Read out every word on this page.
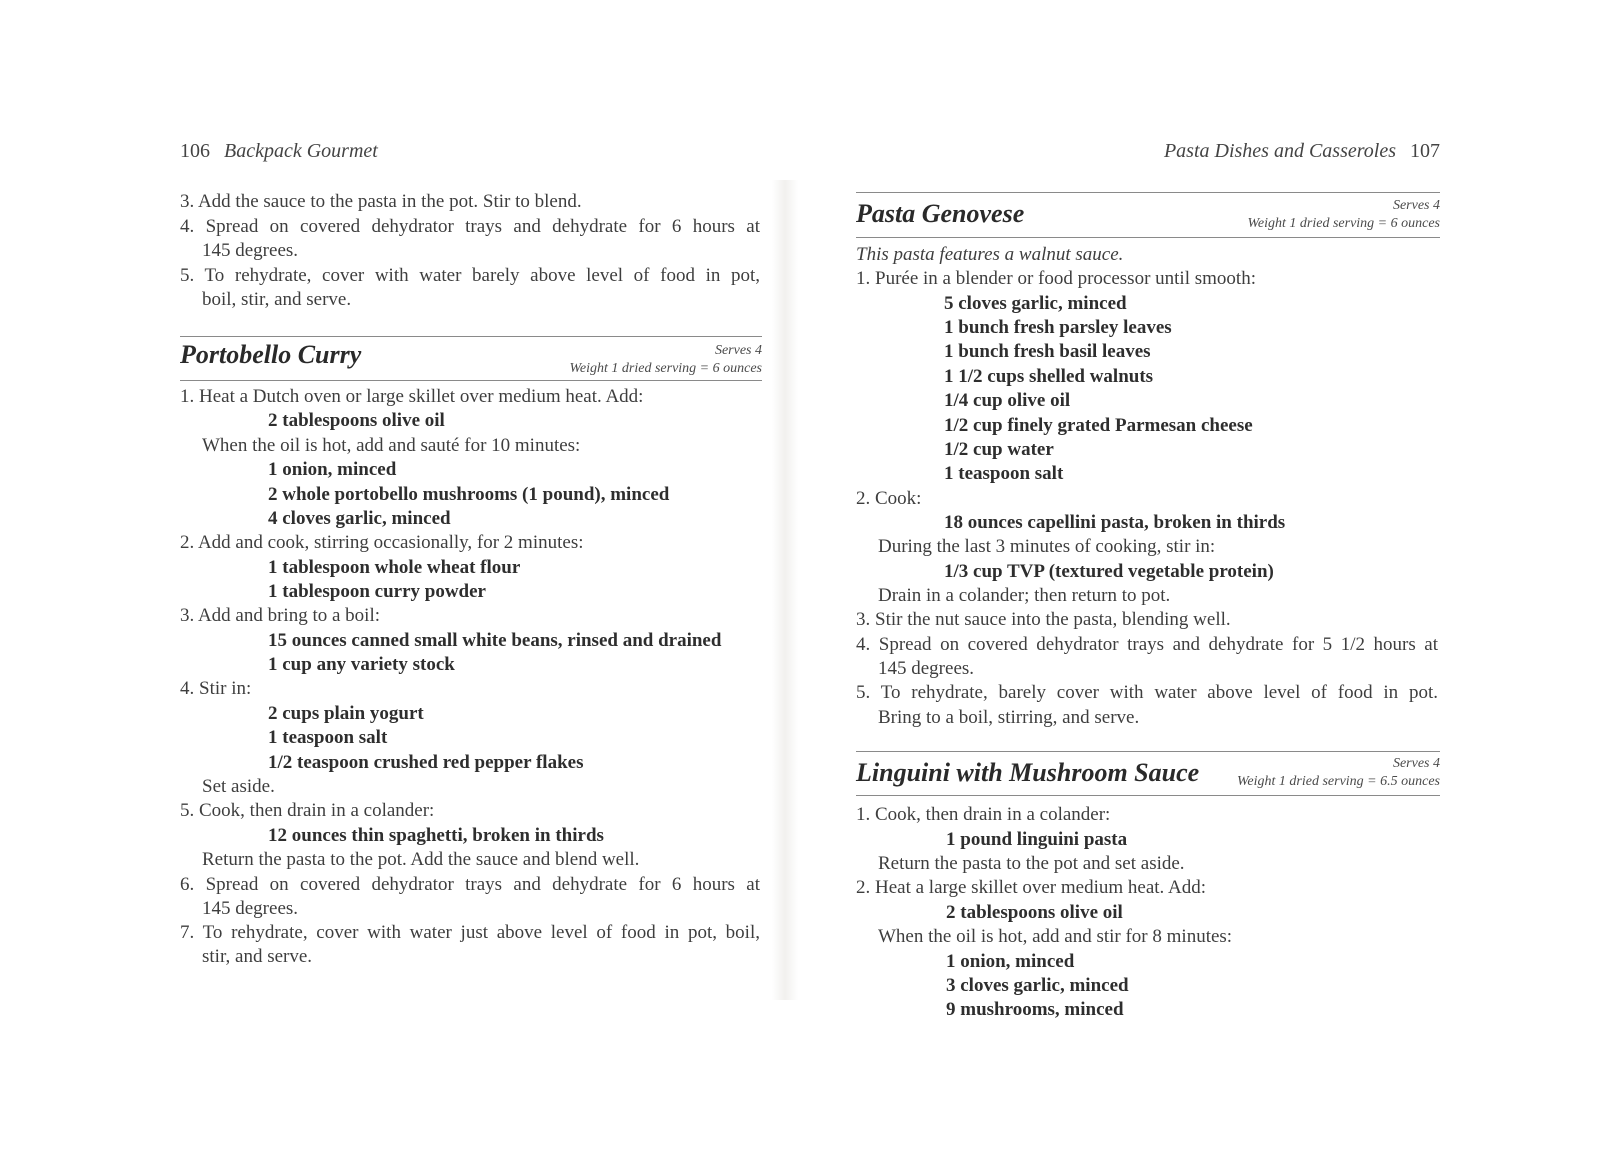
106 Backpack Gourmet
3. Add the sauce to the pasta in the pot. Stir to blend.
4. Spread on covered dehydrator trays and dehydrate for 6 hours at
145 degrees.
5. To rehydrate, cover with water barely above level of food in pot,
boil, stir, and serve.
Portobello Curry	Serves 4
Weight 1 dried serving = 6 ounces
1. Heat a Dutch oven or large skillet over medium heat. Add:
2 tablespoons olive oil
When the oil is hot, add and sauté for 10 minutes:
1 onion, minced
2 whole portobello mushrooms (1 pound), minced
4 cloves garlic, minced
2. Add and cook, stirring occasionally, for 2 minutes:
1 tablespoon whole wheat flour
1 tablespoon curry powder
3. Add and bring to a boil:
15 ounces canned small white beans, rinsed and drained
1 cup any variety stock
4. Stir in:
2 cups plain yogurt
1 teaspoon salt
1/2 teaspoon crushed red pepper flakes
Set aside.
5. Cook, then drain in a colander:
12 ounces thin spaghetti, broken in thirds
Return the pasta to the pot. Add the sauce and blend well.
6. Spread on covered dehydrator trays and dehydrate for 6 hours at
145 degrees.
7. To rehydrate, cover with water just above level of food in pot, boil,
stir, and serve.
Pasta Dishes and Casseroles 107
Pasta Genovese	Serves 4
Weight 1 dried serving = 6 ounces
This pasta features a walnut sauce.
1. Purée in a blender or food processor until smooth:
5 cloves garlic, minced
1 bunch fresh parsley leaves
1 bunch fresh basil leaves
1 1/2 cups shelled walnuts
1/4 cup olive oil
1/2 cup finely grated Parmesan cheese
1/2 cup water
1 teaspoon salt
2. Cook:
18 ounces capellini pasta, broken in thirds
During the last 3 minutes of cooking, stir in:
1/3 cup TVP (textured vegetable protein)
Drain in a colander; then return to pot.
3. Stir the nut sauce into the pasta, blending well.
4. Spread on covered dehydrator trays and dehydrate for 5 1/2 hours at
145 degrees.
5. To rehydrate, barely cover with water above level of food in pot.
Bring to a boil, stirring, and serve.
Linguini with Mushroom Sauce	Serves 4
Weight 1 dried serving = 6.5 ounces
1. Cook, then drain in a colander:
1 pound linguini pasta
Return the pasta to the pot and set aside.
2. Heat a large skillet over medium heat. Add:
2 tablespoons olive oil
When the oil is hot, add and stir for 8 minutes:
1 onion, minced
3 cloves garlic, minced
9 mushrooms, minced
